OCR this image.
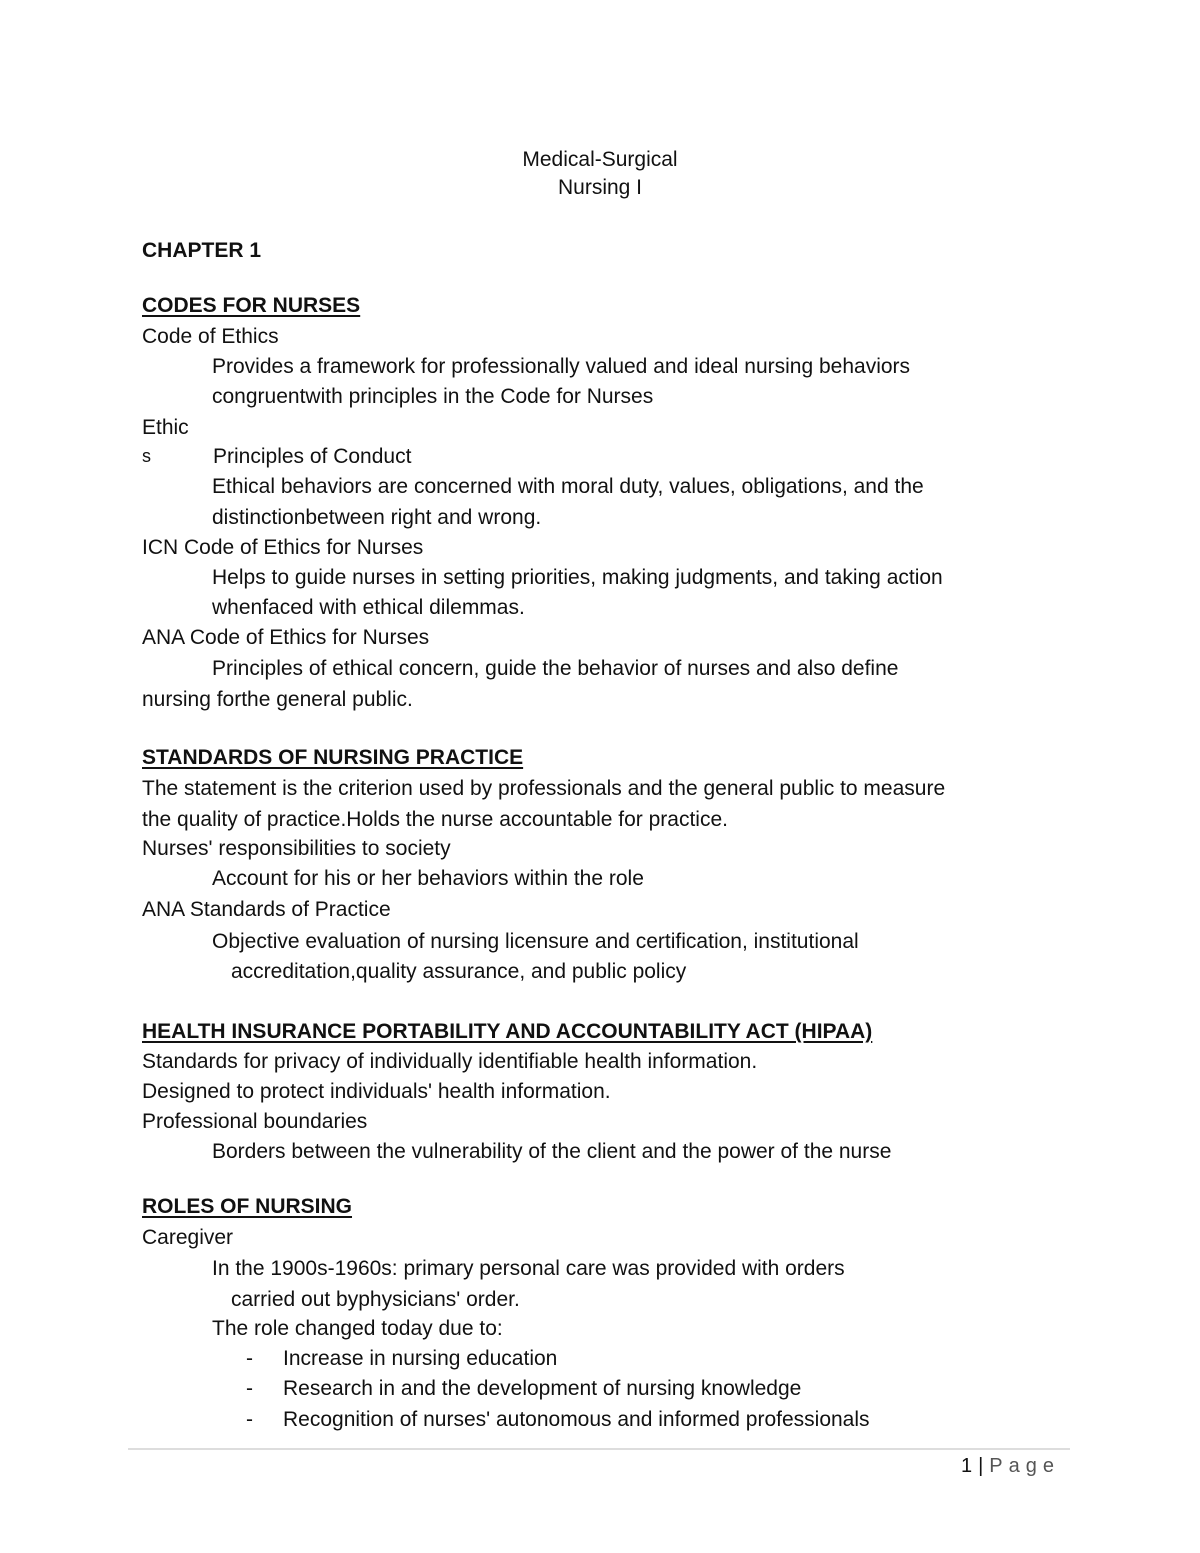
Medical-Surgical
Nursing I
CHAPTER 1
CODES FOR NURSES
Code of Ethics
Provides a framework for professionally valued and ideal nursing behaviors
congruentwith principles in the Code for Nurses
Ethic
s	Principles of Conduct
Ethical behaviors are concerned with moral duty, values, obligations, and the
distinctionbetween right and wrong.
ICN Code of Ethics for Nurses
Helps to guide nurses in setting priorities, making judgments, and taking action
whenfaced with ethical dilemmas.
ANA Code of Ethics for Nurses
Principles of ethical concern, guide the behavior of nurses and also define
nursing forthe general public.
STANDARDS OF NURSING PRACTICE
The statement is the criterion used by professionals and the general public to measure
the quality of practice.Holds the nurse accountable for practice.
Nurses' responsibilities to society
Account for his or her behaviors within the role
ANA Standards of Practice
Objective evaluation of nursing licensure and certification, institutional
accreditation,quality assurance, and public policy
HEALTH INSURANCE PORTABILITY AND ACCOUNTABILITY ACT (HIPAA)
Standards for privacy of individually identifiable health information.
Designed to protect individuals' health information.
Professional boundaries
Borders between the vulnerability of the client and the power of the nurse
ROLES OF NURSING
Caregiver
In the 1900s-1960s: primary personal care was provided with orders
carried out byphysicians' order.
The role changed today due to:
- Increase in nursing education
- Research in and the development of nursing knowledge
- Recognition of nurses' autonomous and informed professionals
1 | Page
